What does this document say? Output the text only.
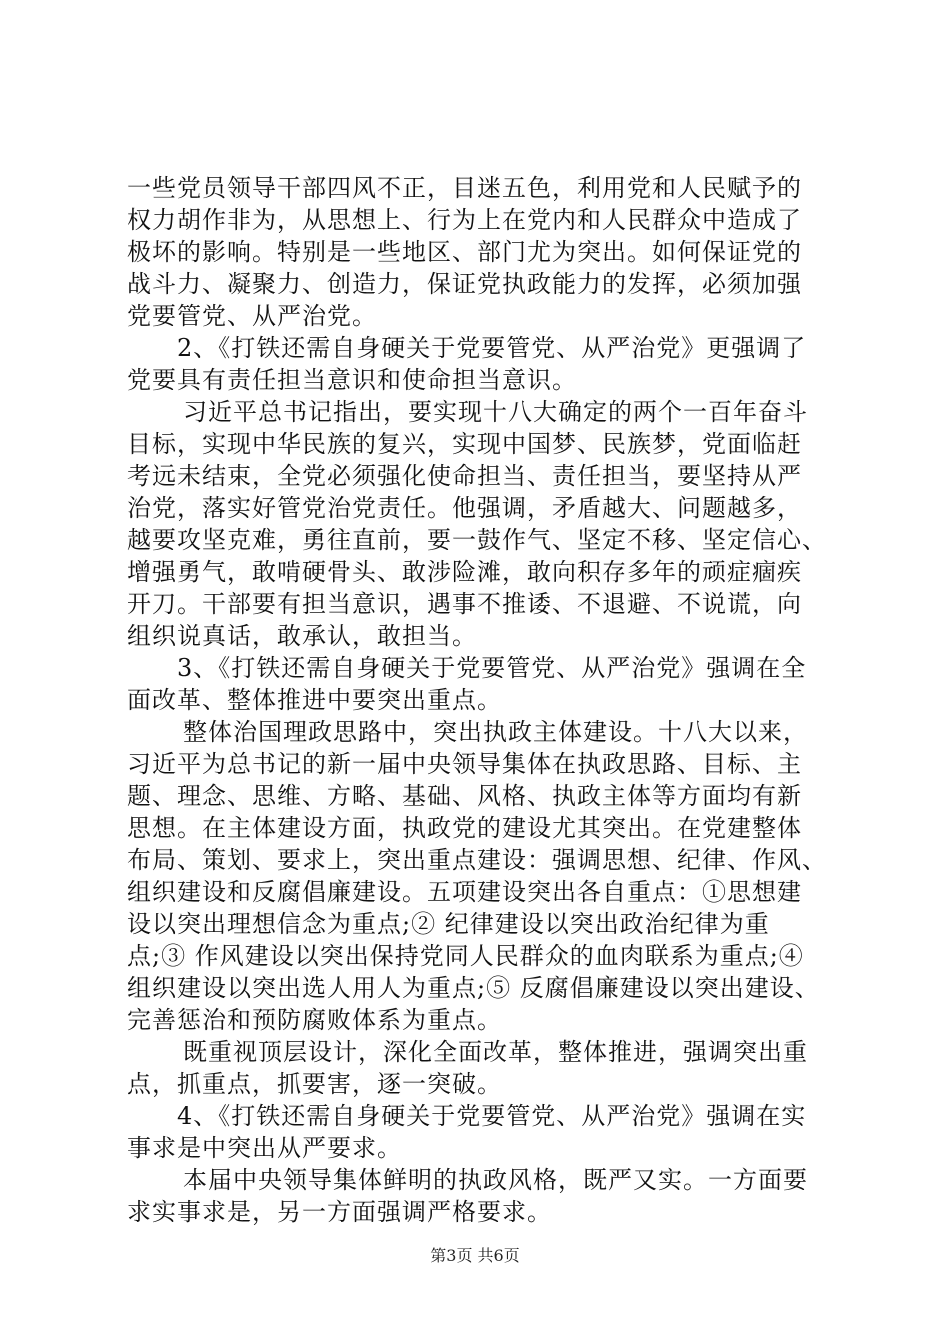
一些党员领导干部四风不正，目迷五色，利用党和人民赋予的
权力胡作非为，从思想上、行为上在党内和人民群众中造成了
极坏的影响。特别是一些地区、部门尤为突出。如何保证党的
战斗力、凝聚力、创造力，保证党执政能力的发挥，必须加强
党要管党、从严治党。
2、《打铁还需自身硬关于党要管党、从严治党》更强调了
党要具有责任担当意识和使命担当意识。
习近平总书记指出，要实现十八大确定的两个一百年奋斗
目标，实现中华民族的复兴，实现中国梦、民族梦，党面临赶
考远未结束，全党必须强化使命担当、责任担当，要坚持从严
治党，落实好管党治党责任。他强调，矛盾越大、问题越多，
越要攻坚克难，勇往直前，要一鼓作气、坚定不移、坚定信心、
增强勇气，敢啃硬骨头、敢涉险滩，敢向积存多年的顽症痼疾
开刀。干部要有担当意识，遇事不推诿、不退避、不说谎，向
组织说真话，敢承认，敢担当。
3、《打铁还需自身硬关于党要管党、从严治党》强调在全
面改革、整体推进中要突出重点。
整体治国理政思路中，突出执政主体建设。十八大以来，
习近平为总书记的新一届中央领导集体在执政思路、目标、主
题、理念、思维、方略、基础、风格、执政主体等方面均有新
思想。在主体建设方面，执政党的建设尤其突出。在党建整体
布局、策划、要求上，突出重点建设：强调思想、纪律、作风、
组织建设和反腐倡廉建设。五项建设突出各自重点：①思想建
设以突出理想信念为重点;② 纪律建设以突出政治纪律为重
点;③ 作风建设以突出保持党同人民群众的血肉联系为重点;④
组织建设以突出选人用人为重点;⑤ 反腐倡廉建设以突出建设、
完善惩治和预防腐败体系为重点。
既重视顶层设计，深化全面改革，整体推进，强调突出重
点，抓重点，抓要害，逐一突破。
4、《打铁还需自身硬关于党要管党、从严治党》强调在实
事求是中突出从严要求。
本届中央领导集体鲜明的执政风格，既严又实。一方面要
求实事求是，另一方面强调严格要求。
第3页 共6页
